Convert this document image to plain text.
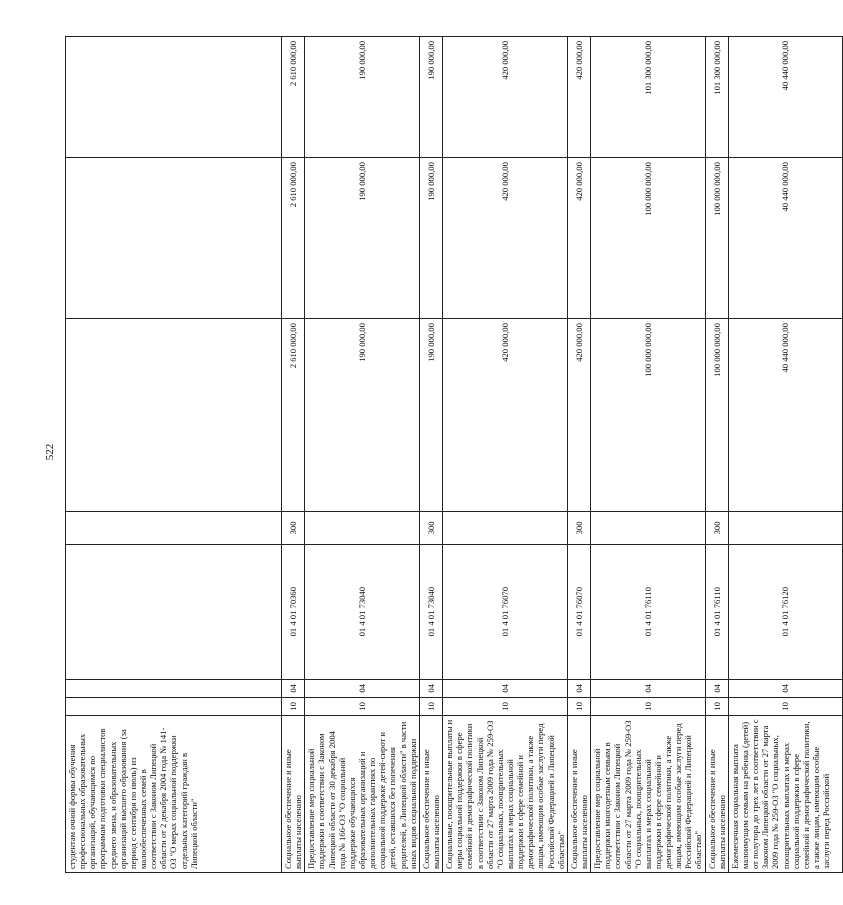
522
студентам очной формы обучения профессиональных образовательных организаций, обучающимся по программам подготовки специалистов среднего звена, и образовательных организаций высшего образования (за период с сентября по июль) из малообеспеченных семей в соответствии с Законом Липецкой области от 2 декабря 2004 года № 141-ОЗ "О мерах социальной поддержки отдельных категорий граждан в Липецкой области"							
Социальное обеспечение и иные выплаты населению	10	04	01 4 01 70360	300	2 610 000,00	2 610 000,00	2 610 000,00
Предоставление мер социальной поддержки в соответствии с Законом Липецкой области от 30 декабря 2004 года № 166-ОЗ "О социальной поддержке обучающихся образовательных организаций и дополнительных гарантиях по социальной поддержке детей-сирот и детей, оставшихся без попечения родителей, в Липецкой области" в части иных видов социальной поддержки	10	04	01 4 01 73040		190 000,00	190 000,00	190 000,00
Социальное обеспечение и иные выплаты населению	10	04	01 4 01 73040	300	190 000,00	190 000,00	190 000,00
Социальные, поощрительные выплаты и меры социальной поддержки в сфере семейной и демографической политики в соответствии с Законом Липецкой области от 27 марта 2009 года № 259-ОЗ "О социальных, поощрительных выплатах и мерах социальной поддержки в сфере семейной и демографической политики, а также лицам, имеющим особые заслуги перед Российской Федерацией и Липецкой областью"	10	04	01 4 01 76070		420 000,00	420 000,00	420 000,00
Социальное обеспечение и иные выплаты населению	10	04	01 4 01 76070	300	420 000,00	420 000,00	420 000,00
Предоставление мер социальной поддержки многодетным семьям в соответствии с Законом Липецкой области от 27 марта 2009 года № 259-ОЗ "О социальных, поощрительных выплатах и мерах социальной поддержки в сфере семейной и демографической политики, а также лицам, имеющим особые заслуги перед Российской Федерацией и Липецкой областью"	10	04	01 4 01 76110		100 000 000,00	100 000 000,00	101 300 000,00
Социальное обеспечение и иные выплаты населению	10	04	01 4 01 76110	300	100 000 000,00	100 000 000,00	101 300 000,00
Ежемесячная социальная выплата малоимущим семьям на ребенка (детей) от полутора до трех лет в соответствии с Законом Липецкой области от 27 марта 2009 года № 259-ОЗ "О социальных, поощрительных выплатах и мерах социальной поддержки в сфере семейной и демографической политики, а также лицам, имеющим особые заслуги перед Российской	10	04	01 4 01 76120		40 440 000,00	40 440 000,00	40 440 000,00
